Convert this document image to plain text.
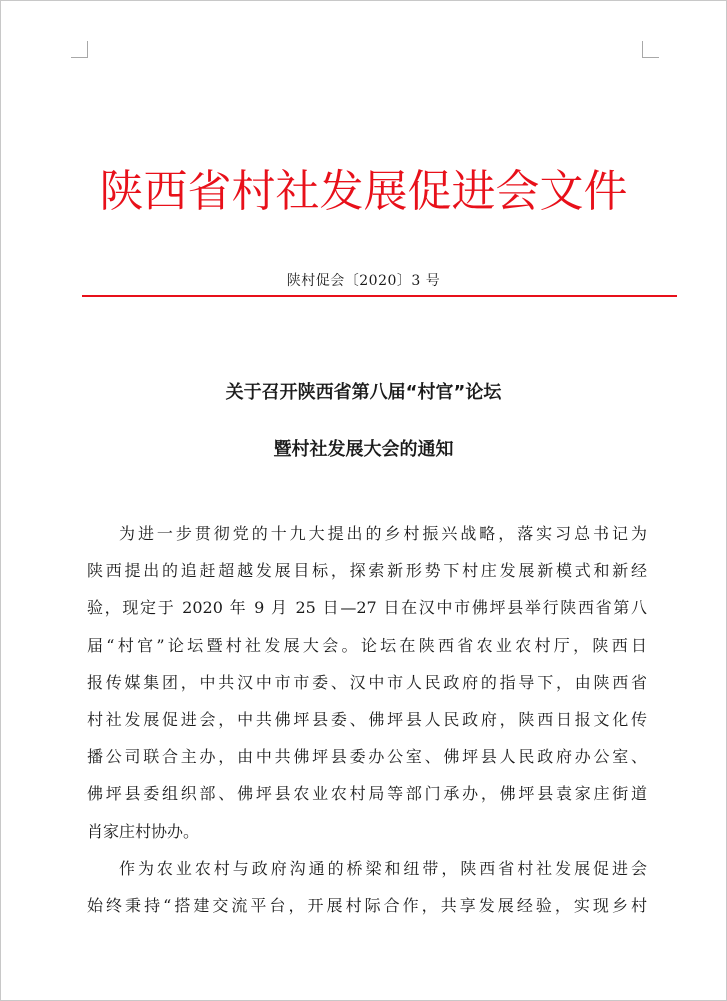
陕西省村社发展促进会文件
陕村促会〔2020〕3 号
关于召开陕西省第八届“村官”论坛
暨村社发展大会的通知
为进一步贯彻党的十九大提出的乡村振兴战略，落实习总书记为
陕西提出的追赶超越发展目标，探索新形势下村庄发展新模式和新经
验，现定于 2020 年 9 月 25 日—27 日在汉中市佛坪县举行陕西省第八
届“村官”论坛暨村社发展大会。论坛在陕西省农业农村厅，陕西日
报传媒集团，中共汉中市市委、汉中市人民政府的指导下，由陕西省
村社发展促进会，中共佛坪县委、佛坪县人民政府，陕西日报文化传
播公司联合主办，由中共佛坪县委办公室、佛坪县人民政府办公室、
佛坪县委组织部、佛坪县农业农村局等部门承办，佛坪县袁家庄街道
肖家庄村协办。
作为农业农村与政府沟通的桥梁和纽带，陕西省村社发展促进会
始终秉持“搭建交流平台，开展村际合作，共享发展经验，实现乡村
